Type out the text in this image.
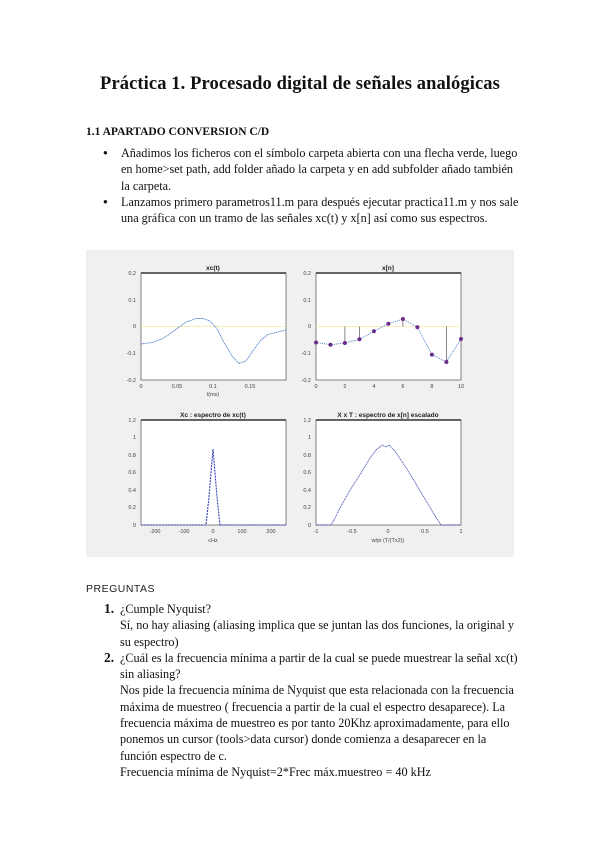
Práctica 1. Procesado digital de señales analógicas
1.1 APARTADO CONVERSION C/D
● Añadimos los ficheros con el símbolo carpeta abierta con una flecha verde, luego en home>set path, add folder añado la carpeta y en add subfolder añado también la carpeta.
● Lanzamos primero parametros11.m para después ejecutar practica11.m y nos sale una gráfica con un tramo de las señales xc(t) y x[n] así como sus espectros.
xc(t)
0.2
0.1
0
-0.1
-0.2
0	0.05	0.1	0.15
t(ms)
x[n]
0.2
0.1
0
-0.1
-0.2
0	2	4	6	8	10
Xc : espectro de xc(t)
1.2
1
0.8
0.6
0.4
0.2
0
-200	-100	0	100	200
cHz
X x T : espectro de x[n] escalado
1.2
1
0.8
0.6
0.4
0.2
0
-1	-0.5	0	0.5	1
w/pi (T/(Tx2))
PREGUNTAS
1. ¿Cumple Nyquist?
Sí, no hay aliasing (aliasing implica que se juntan las dos funciones, la original y su espectro)
2. ¿Cuál es la frecuencia mínima a partir de la cual se puede muestrear la señal xc(t) sin aliasing?
Nos pide la frecuencia mínima de Nyquist que esta relacionada con la frecuencia máxima de muestreo ( frecuencia a partir de la cual el espectro desaparece). La frecuencia máxima de muestreo es por tanto 20Khz aproximadamente, para ello ponemos un cursor (tools>data cursor) donde comienza a desaparecer en la función espectro de c.
Frecuencia mínima de Nyquist=2*Frec máx.muestreo = 40 kHz
